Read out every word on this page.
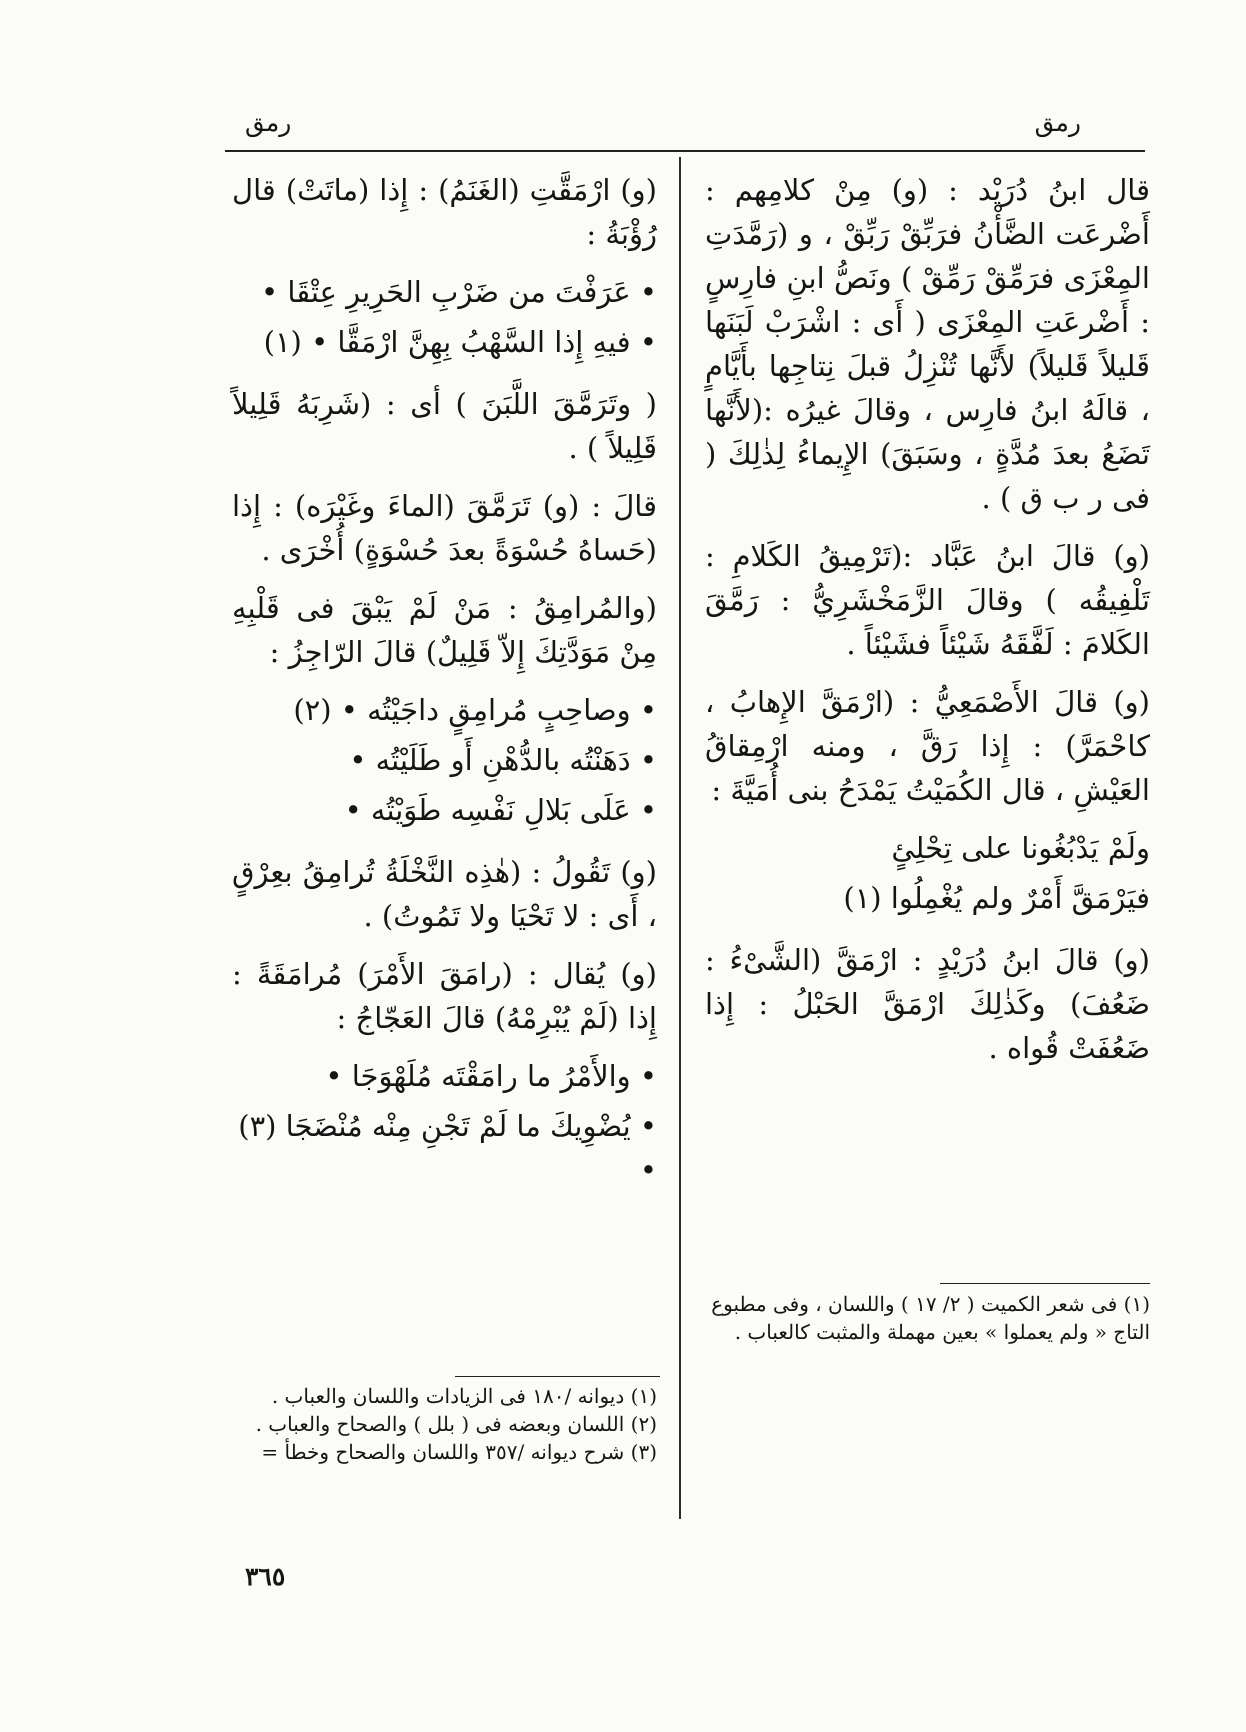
رمق
رمق

قال ابنُ دُرَيْد : (و) مِنْ كلامِهم : أَضْرعَت الضَّأْنُ فرَبِّقْ رَبِّقْ ، و (رَمَّدَتِ المِعْزَى فرَمِّقْ رَمِّقْ ) ونَصُّ ابنِ فارِسٍ : أَضْرعَتِ المِعْزَى ( أَى : اشْرَبْ لَبَنَها قَليلاً قَليلاً) لأَنَّها تُنْزِلُ قبلَ نِتاجِها بأَيَّامٍ ، قالَهُ ابنُ فارِس ، وقالَ غيرُه :(لأَنَّها تَضَعُ بعدَ مُدَّةٍ ، وسَبَقَ) الإِيماءُ لِذٰلِكَ ( فى ر ب ق ) .

(و) قالَ ابنُ عَبَّاد :(تَرْمِيقُ الكَلامِ : تَلْفِيقُه ) وقالَ الزَّمَخْشَرِيُّ : رَمَّقَ الكَلامَ : لَفَّقَهُ شَيْئاً فشَيْئاً .

(و) قالَ الأَصْمَعِيُّ : (ارْمَقَّ الإِهابُ ، كاحْمَرَّ) : إِذا رَقَّ ، ومنه ارْمِقاقُ العَيْشِ ، قال الكُمَيْتُ يَمْدَحُ بنى أُمَيَّةَ :

ولَمْ يَدْبُغُونا على تِحْلِئٍ

فيَرْمَقَّ أَمْرٌ ولم يُغْمِلُوا (١)

(و) قالَ ابنُ دُرَيْدٍ : ارْمَقَّ (الشَّىْءُ : ضَعُفَ) وكَذٰلِكَ ارْمَقَّ الحَبْلُ : إِذا ضَعُفَتْ قُواه .

(١) فى شعر الكميت ( ٢/ ١٧ ) واللسان ، وفى مطبوع التاج « ولم يعملوا » بعين مهملة والمثبت كالعباب .

(و) ارْمَقَّتِ (الغَنَمُ) : إِذا (ماتَتْ) قال رُؤْبَةُ :

• عَرَفْتَ من ضَرْبِ الحَرِيرِ عِتْقَا •

• فيهِ إِذا السَّهْبُ بِهِنَّ ارْمَقَّا • (١)

( وتَرَمَّقَ اللَّبَنَ ) أى : (شَرِبَهُ قَلِيلاً قَلِيلاً ) .

قالَ : (و) تَرَمَّقَ (الماءَ وغَيْرَه) : إِذا (حَساهُ حُسْوَةً بعدَ حُسْوَةٍ) أُخْرَى .

(والمُرامِقُ : مَنْ لَمْ يَبْقَ فى قَلْبِهِ مِنْ مَوَدَّتِكَ إِلاّ قَلِيلٌ) قالَ الرّاجِزُ :

• وصاحِبٍ مُرامِقٍ داجَيْتُه • (٢)

• دَهَنْتُه بالدُّهْنِ أَو طَلَيْتُه •

• عَلَى بَلالِ نَفْسِه طَوَيْتُه •

(و) تَقُولُ : (هٰذِه النَّخْلَةُ تُرامِقُ بعِرْقٍ ، أَى : لا تَحْيَا ولا تَمُوتُ) .

(و) يُقال : (رامَقَ الأَمْرَ) مُرامَقَةً : إِذا (لَمْ يُبْرِمْهُ) قالَ العَجّاجُ :

• والأَمْرُ ما رامَقْتَه مُلَهْوَجَا •

• يُضْوِيكَ ما لَمْ تَجْنِ مِنْه مُنْضَجَا (٣) •

(١) ديوانه /١٨٠ فى الزيادات واللسان والعباب .

(٢) اللسان وبعضه فى ( بلل ) والصحاح والعباب .

(٣) شرح ديوانه /٣٥٧ واللسان والصحاح وخطأ =

٣٦٥
